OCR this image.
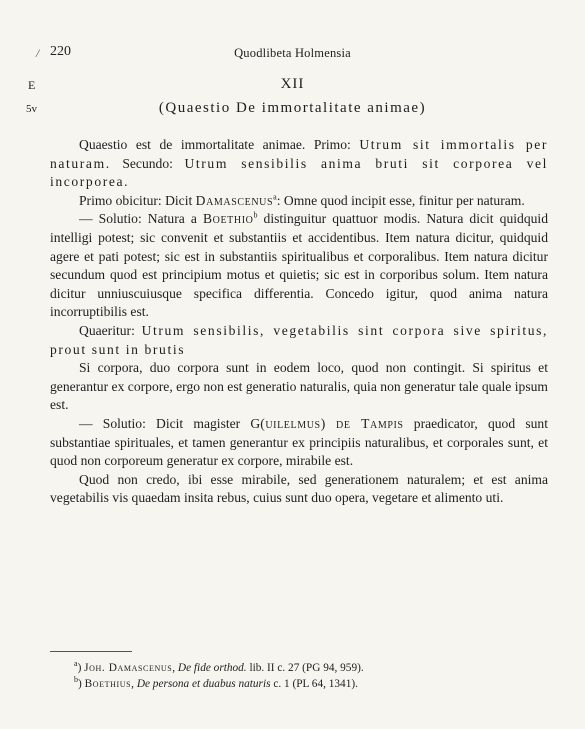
/ 220	Quodlibeta Holmensia
E
5v
XII
(Quaestio De immortalitate animae)

Quaestio est de immortalitate animae. Primo: Utrum sit immortalis per naturam. Secundo: Utrum sensibilis anima bruti sit corporea vel incorporea.

Primo obicitur: Dicit Damascenus$^a$: Omne quod incipit esse, finitur per naturam.

— Solutio: Natura a Boethio$^b$ distinguitur quattuor modis. Natura dicit quidquid intelligi potest; sic convenit et substantiis et accidentibus. Item natura dicitur, quidquid agere et pati potest; sic est in substantiis spiritualibus et corporalibus. Item natura dicitur secundum quod est principium motus et quietis; sic est in corporibus solum. Item natura dicitur unniuscuiusque specifica differentia. Concedo igitur, quod anima natura incorruptibilis est.

Quaeritur: Utrum sensibilis, vegetabilis sint corpora sive spiritus, prout sunt in brutis

Si corpora, duo corpora sunt in eodem loco, quod non contingit. Si spiritus et generantur ex corpore, ergo non est generatio naturalis, quia non generatur tale quale ipsum est.

— Solutio: Dicit magister G(uilelmus) de Tampis praedicator, quod sunt substantiae spirituales, et tamen generantur ex principiis naturalibus, et corporales sunt, et quod non corporeum generatur ex corpore, mirabile est.

Quod non credo, ibi esse mirabile, sed generationem naturalem; et est anima vegetabilis vis quaedam insita rebus, cuius sunt duo opera, vegetare et alimento uti.

$^a$) Joh. Damascenus, De fide orthod. lib. II c. 27 (PG 94, 959).
$^b$) Boethius, De persona et duabus naturis c. 1 (PL 64, 1341).
